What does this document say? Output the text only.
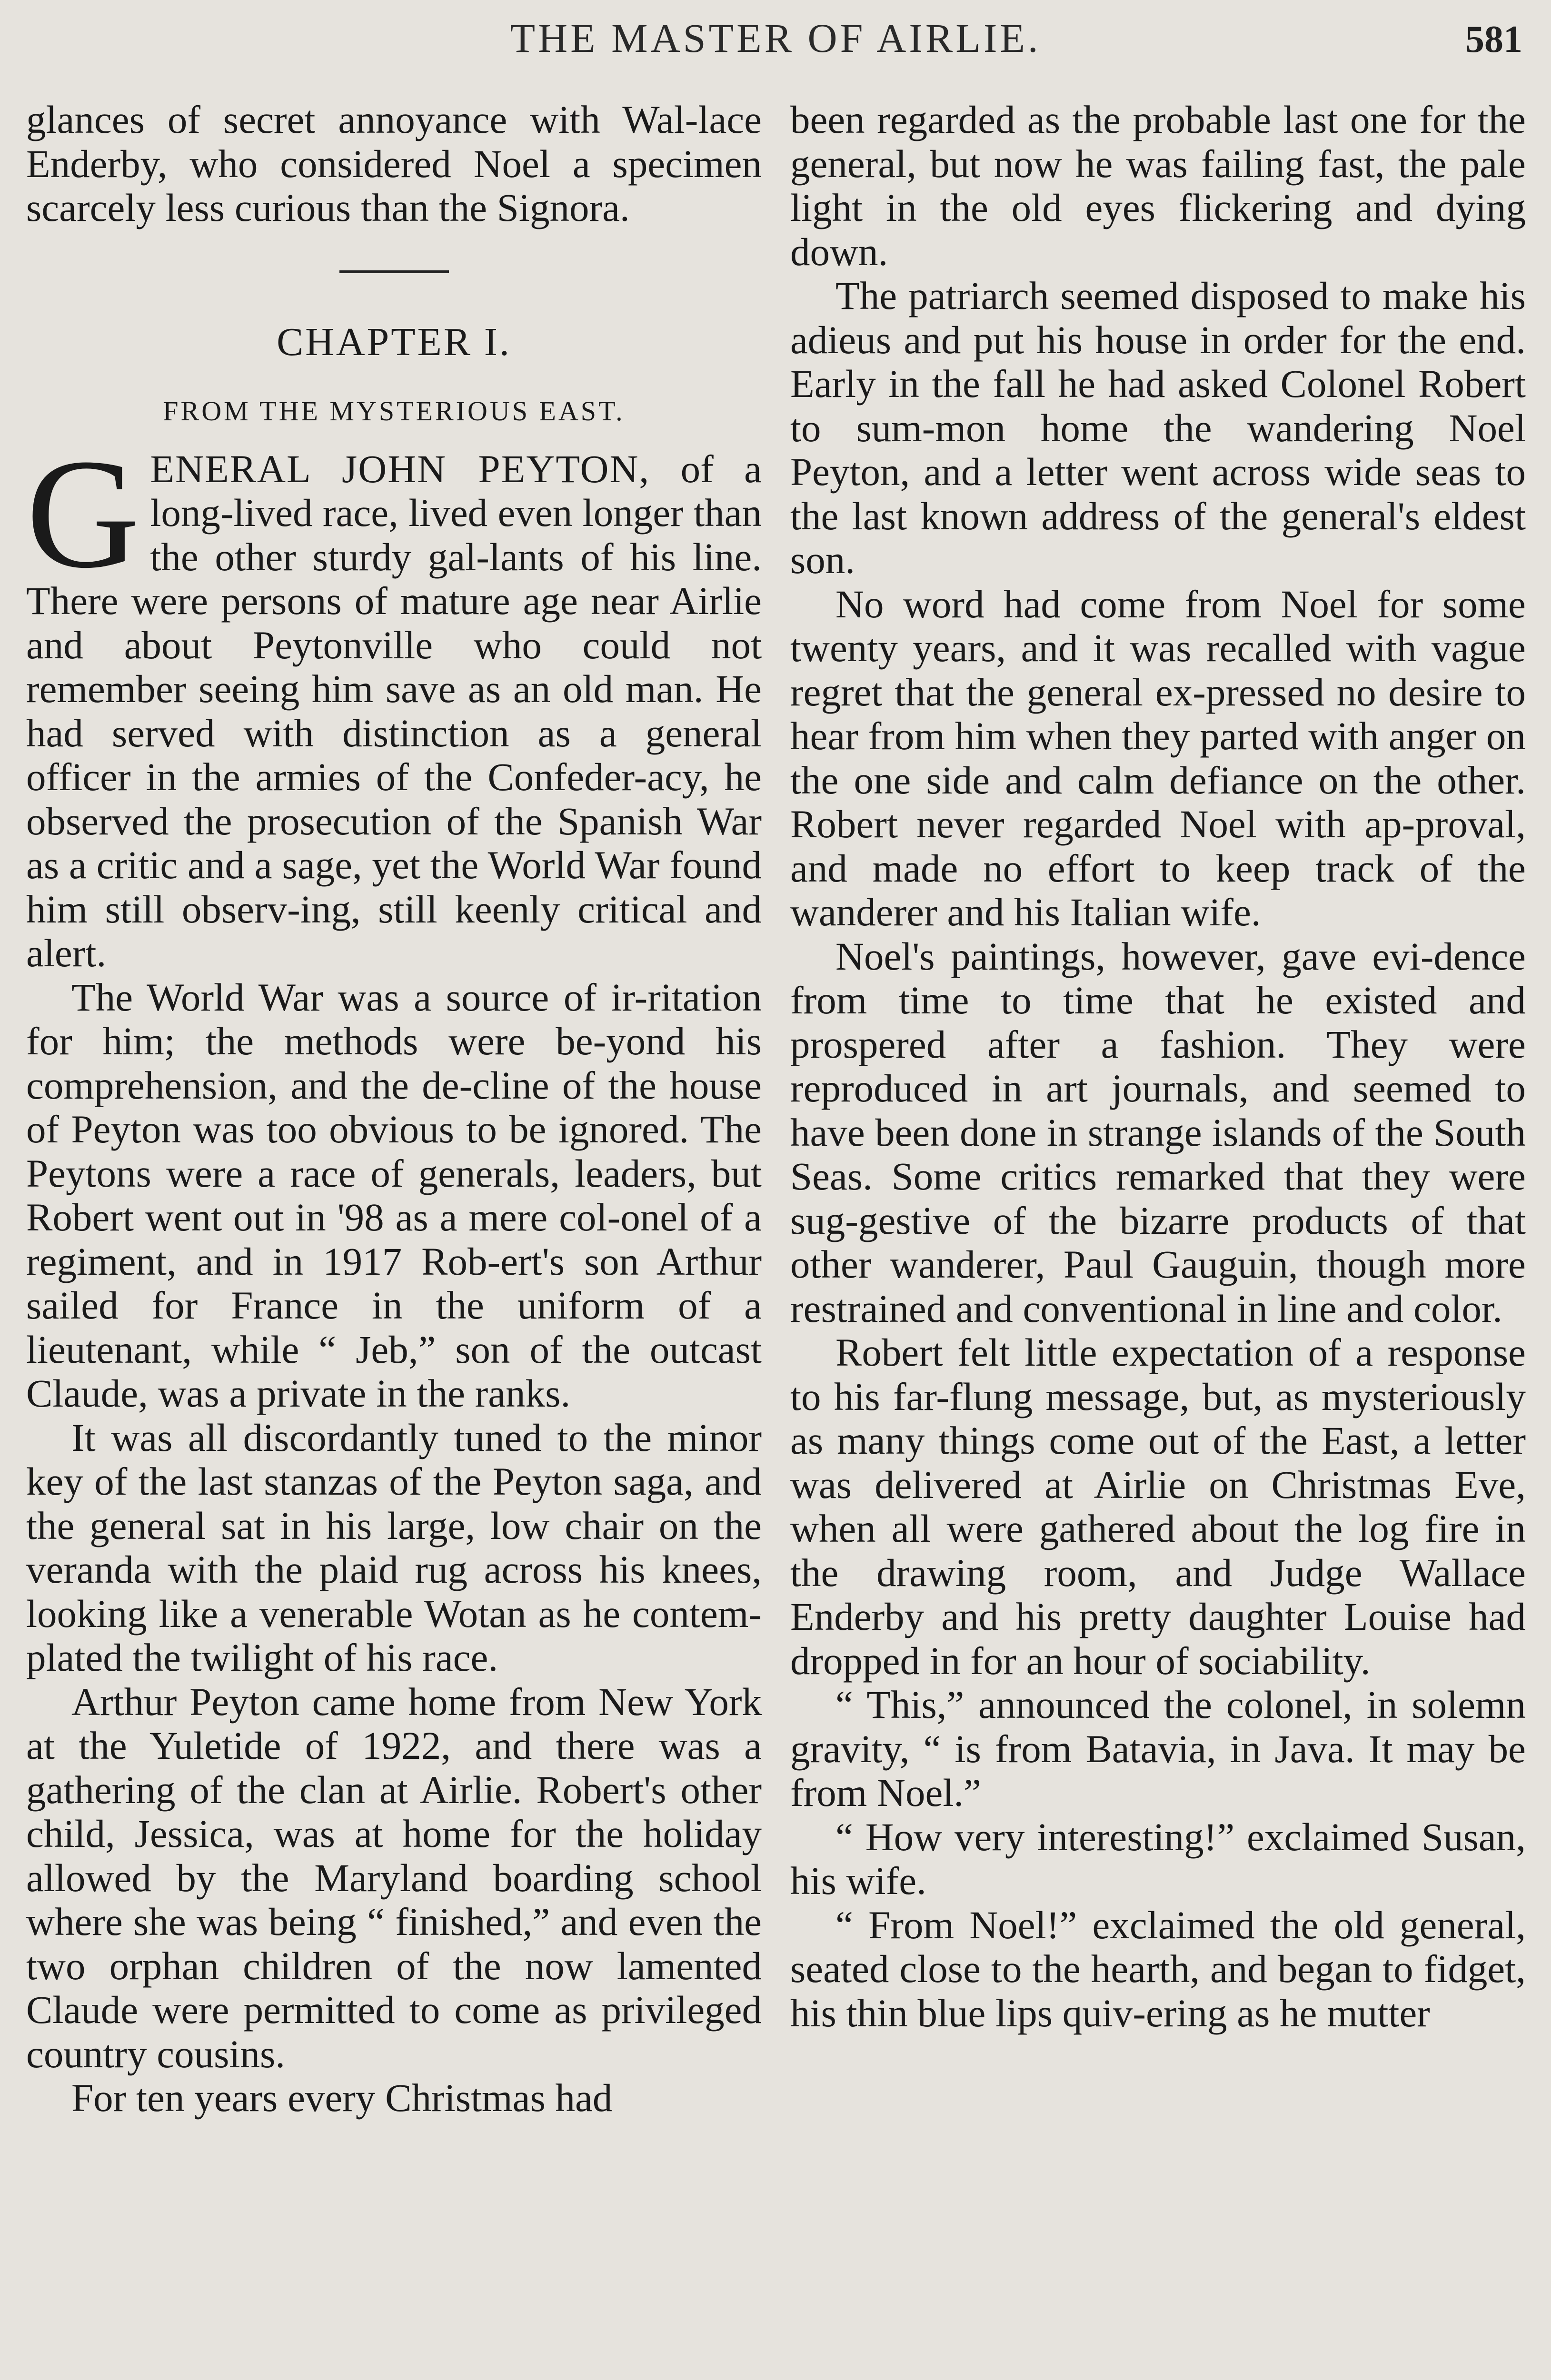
THE MASTER OF AIRLIE.	581

glances of secret annoyance with Wal-lace Enderby, who considered Noel a specimen scarcely less curious than the Signora.

CHAPTER I.
FROM THE MYSTERIOUS EAST.

GENERAL JOHN PEYTON, of a long-lived race, lived even longer than the other sturdy gal-lants of his line. There were persons of mature age near Airlie and about Peytonville who could not remember seeing him save as an old man. He had served with distinction as a general officer in the armies of the Confeder-acy, he observed the prosecution of the Spanish War as a critic and a sage, yet the World War found him still observ-ing, still keenly critical and alert.

The World War was a source of ir-ritation for him; the methods were be-yond his comprehension, and the de-cline of the house of Peyton was too obvious to be ignored. The Peytons were a race of generals, leaders, but Robert went out in '98 as a mere col-onel of a regiment, and in 1917 Rob-ert's son Arthur sailed for France in the uniform of a lieutenant, while “ Jeb,” son of the outcast Claude, was a private in the ranks.

It was all discordantly tuned to the minor key of the last stanzas of the Peyton saga, and the general sat in his large, low chair on the veranda with the plaid rug across his knees, looking like a venerable Wotan as he contem-plated the twilight of his race.

Arthur Peyton came home from New York at the Yuletide of 1922, and there was a gathering of the clan at Airlie. Robert's other child, Jessica, was at home for the holiday allowed by the Maryland boarding school where she was being “ finished,” and even the two orphan children of the now lamented Claude were permitted to come as privileged country cousins.

For ten years every Christmas had

been regarded as the probable last one for the general, but now he was failing fast, the pale light in the old eyes flickering and dying down.

The patriarch seemed disposed to make his adieus and put his house in order for the end. Early in the fall he had asked Colonel Robert to sum-mon home the wandering Noel Peyton, and a letter went across wide seas to the last known address of the general's eldest son.

No word had come from Noel for some twenty years, and it was recalled with vague regret that the general ex-pressed no desire to hear from him when they parted with anger on the one side and calm defiance on the other. Robert never regarded Noel with ap-proval, and made no effort to keep track of the wanderer and his Italian wife.

Noel's paintings, however, gave evi-dence from time to time that he existed and prospered after a fashion. They were reproduced in art journals, and seemed to have been done in strange islands of the South Seas. Some critics remarked that they were sug-gestive of the bizarre products of that other wanderer, Paul Gauguin, though more restrained and conventional in line and color.

Robert felt little expectation of a response to his far-flung message, but, as mysteriously as many things come out of the East, a letter was delivered at Airlie on Christmas Eve, when all were gathered about the log fire in the drawing room, and Judge Wallace Enderby and his pretty daughter Louise had dropped in for an hour of sociability.

“ This,” announced the colonel, in solemn gravity, “ is from Batavia, in Java. It may be from Noel.”

“ How very interesting!” exclaimed Susan, his wife.

“ From Noel!” exclaimed the old general, seated close to the hearth, and began to fidget, his thin blue lips quiv-ering as he mutter
